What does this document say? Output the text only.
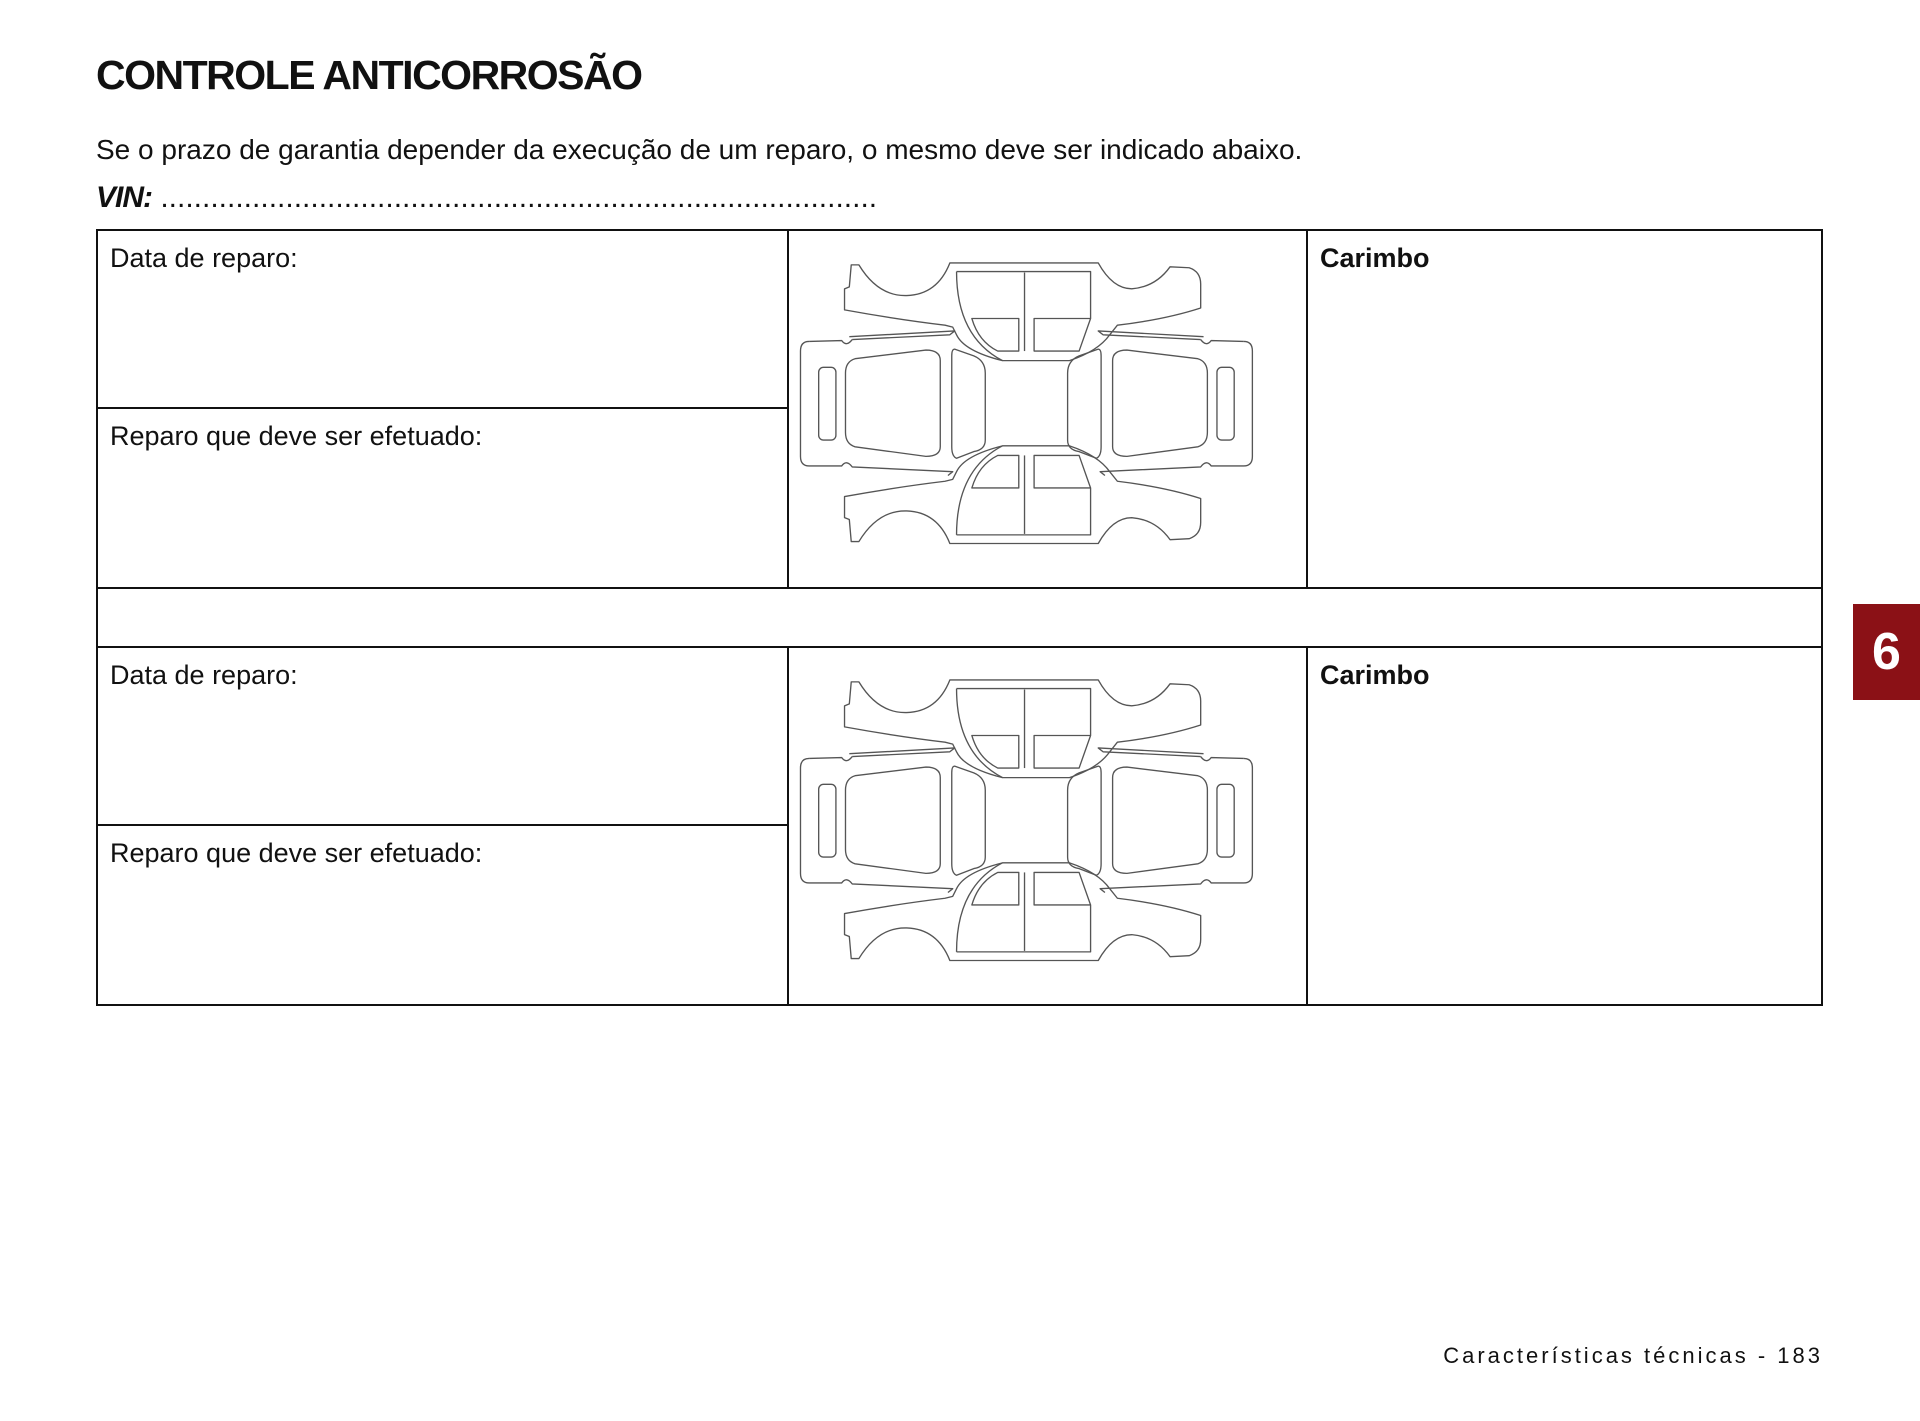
CONTROLE ANTICORROSÃO
Se o prazo de garantia depender da execução de um reparo, o mesmo deve ser indicado abaixo.
VIN: ......................................................................................
Data de reparo:
Reparo que deve ser efetuado:
Carimbo
Data de reparo:
Reparo que deve ser efetuado:
Carimbo	6
Características técnicas - 183
